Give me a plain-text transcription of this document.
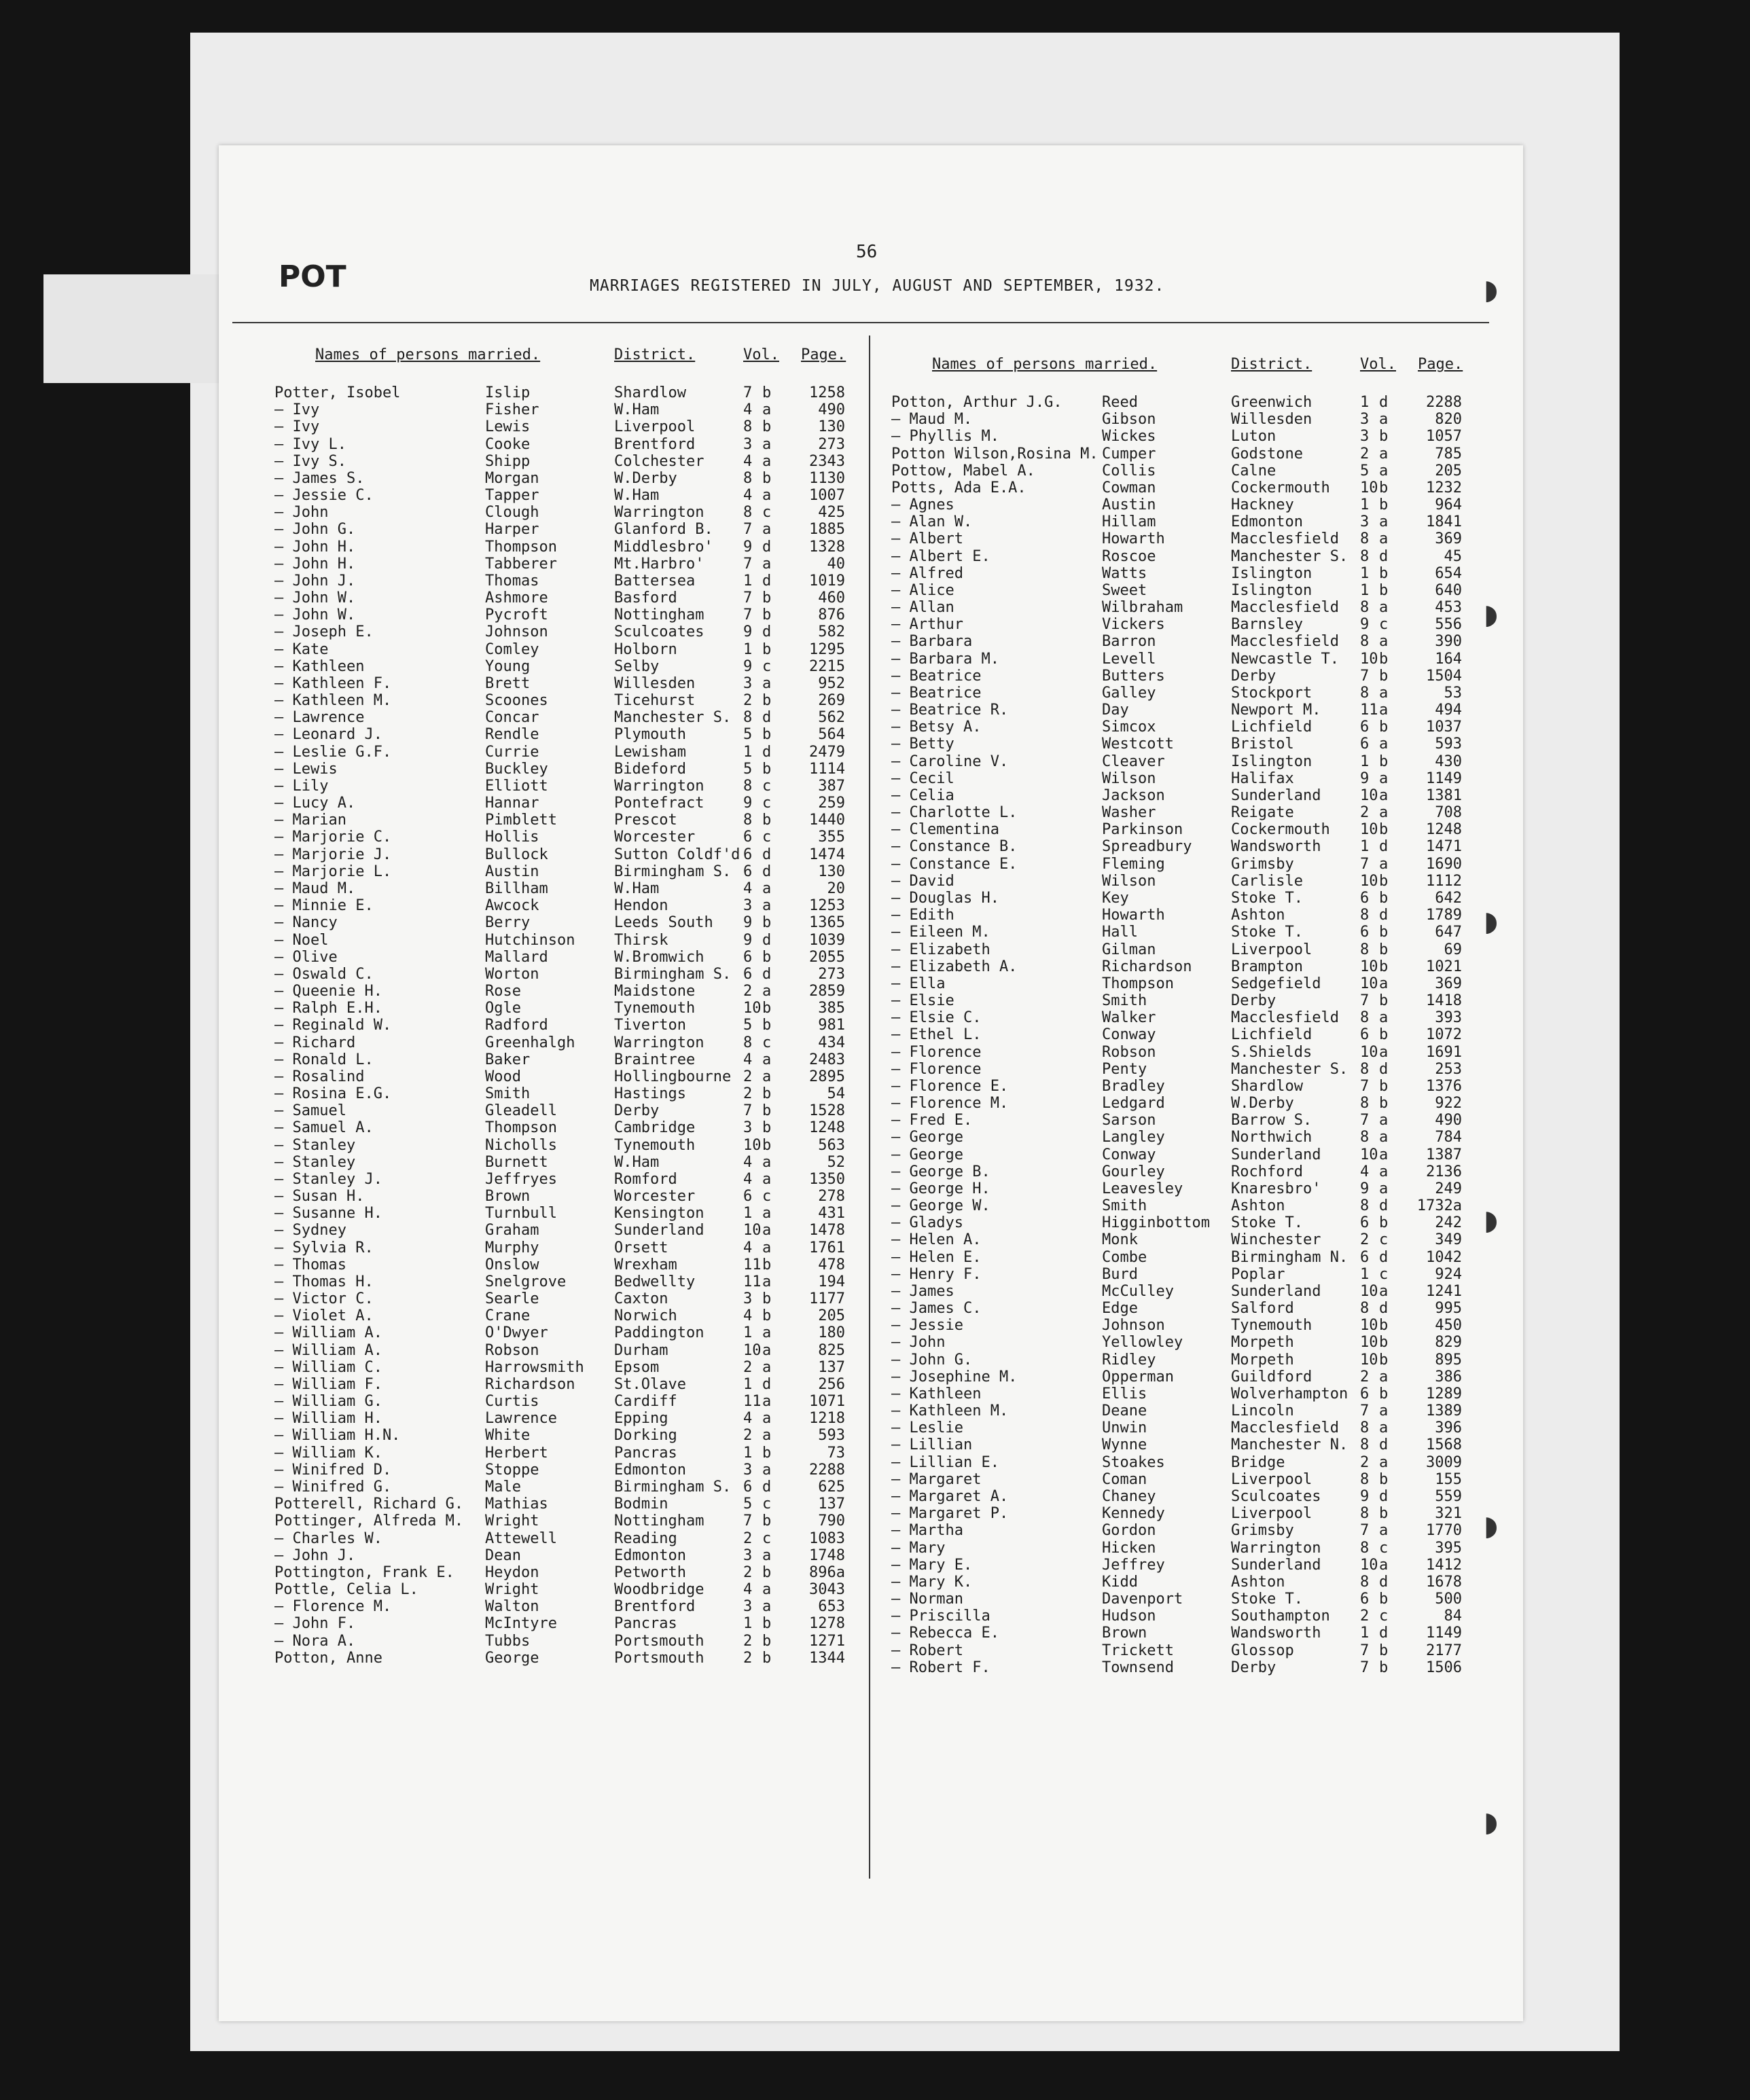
POT
56
MARRIAGES REGISTERED IN JULY, AUGUST AND SEPTEMBER, 1932.	◗
◗
◗
◗
◗
◗
Names of persons married.	District.	Vol. Page.
Potter, Isobel	Islip	Shardlow	7 b	1258
— Ivy	Fisher	W.Ham	4 a	490
— Ivy	Lewis	Liverpool	8 b	130
— Ivy L.	Cooke	Brentford	3 a	273
— Ivy S.	Shipp	Colchester	4 a	2343
— James S.	Morgan	W.Derby	8 b	1130
— Jessie C.	Tapper	W.Ham	4 a	1007
— John	Clough	Warrington	8 c	425
— John G.	Harper	Glanford B. 7 a	1885
— John H.	Thompson	Middlesbro' 9 d	1328
— John H.	Tabberer	Mt.Harbro'	7 a	40
— John J.	Thomas	Battersea	1 d	1019
— John W.	Ashmore	Basford	7 b	460
— John W.	Pycroft	Nottingham	7 b	876
— Joseph E.	Johnson	Sculcoates	9 d	582
— Kate	Comley	Holborn	1 b	1295
— Kathleen	Young	Selby	9 c	2215
— Kathleen F.	Brett	Willesden	3 a	952
— Kathleen M.	Scoones	Ticehurst	2 b	269
— Lawrence	Concar	Manchester S. 8 d	562
— Leonard J.	Rendle	Plymouth	5 b	564
— Leslie G.F.	Currie	Lewisham	1 d	2479
— Lewis	Buckley	Bideford	5 b	1114
— Lily	Elliott	Warrington	8 c	387
— Lucy A.	Hannar	Pontefract	9 c	259
— Marian	Pimblett	Prescot	8 b	1440
— Marjorie C.	Hollis	Worcester	6 c	355
— Marjorie J.	Bullock	Sutton Coldf'd 6 d	1474
— Marjorie L.	Austin	Birmingham S. 6 d	130
— Maud M.	Billham	W.Ham	4 a	20
— Minnie E.	Awcock	Hendon	3 a	1253
— Nancy	Berry	Leeds South 9 b	1365
— Noel	Hutchinson	Thirsk	9 d	1039
— Olive	Mallard	W.Bromwich	6 b	2055
— Oswald C.	Worton	Birmingham S. 6 d	273
— Queenie H.	Rose	Maidstone	2 a	2859
— Ralph E.H.	Ogle	Tynemouth	10 b	385
— Reginald W.	Radford	Tiverton	5 b	981
— Richard	Greenhalgh	Warrington	8 c	434
— Ronald L.	Baker	Braintree	4 a	2483
— Rosalind	Wood	Hollingbourne 2 a	2895
— Rosina E.G.	Smith	Hastings	2 b	54
— Samuel	Gleadell	Derby	7 b	1528
— Samuel A.	Thompson	Cambridge	3 b	1248
— Stanley	Nicholls	Tynemouth	10 b	563
— Stanley	Burnett	W.Ham	4 a	52
— Stanley J.	Jeffryes	Romford	4 a	1350
— Susan H.	Brown	Worcester	6 c	278
— Susanne H.	Turnbull	Kensington	1 a	431
— Sydney	Graham	Sunderland	10 a	1478
— Sylvia R.	Murphy	Orsett	4 a	1761
— Thomas	Onslow	Wrexham	11 b	478
— Thomas H.	Snelgrove	Bedwellty	11 a	194
— Victor C.	Searle	Caxton	3 b	1177
— Violet A.	Crane	Norwich	4 b	205
— William A.	O'Dwyer	Paddington	1 a	180
— William A.	Robson	Durham	10 a	825
— William C.	Harrowsmith Epsom	2 a	137
— William F.	Richardson	St.Olave	1 d	256
— William G.	Curtis	Cardiff	11 a	1071
— William H.	Lawrence	Epping	4 a	1218
— William H.N.	White	Dorking	2 a	593
— William K.	Herbert	Pancras	1 b	73
— Winifred D.	Stoppe	Edmonton	3 a	2288
— Winifred G.	Male	Birmingham S. 6 d	625
Potterell, Richard G. Mathias	Bodmin	5 c	137
Pottinger, Alfreda M. Wright	Nottingham	7 b	790
— Charles W.	Attewell	Reading	2 c	1083
— John J.	Dean	Edmonton	3 a	1748
Pottington, Frank E. Heydon	Petworth	2 b	896a
Pottle, Celia L.	Wright	Woodbridge	4 a	3043
— Florence M.	Walton	Brentford	3 a	653
— John F.	McIntyre	Pancras	1 b	1278
— Nora A.	Tubbs	Portsmouth	2 b	1271
Potton, Anne	George	Portsmouth	2 b	1344
Names of persons married.	District.	Vol. Page.
Potton, Arthur J.G.	Reed	Greenwich	1 d	2288
— Maud M.	Gibson	Willesden	3 a	820
— Phyllis M.	Wickes	Luton	3 b	1057
Potton Wilson,Rosina M. Cumper	Godstone	2 a	785
Pottow, Mabel A.	Collis	Calne	5 a	205
Potts, Ada E.A.	Cowman	Cockermouth 10 b	1232
— Agnes	Austin	Hackney	1 b	964
— Alan W.	Hillam	Edmonton	3 a	1841
— Albert	Howarth	Macclesfield 8 a	369
— Albert E.	Roscoe	Manchester S. 8 d	45
— Alfred	Watts	Islington	1 b	654
— Alice	Sweet	Islington	1 b	640
— Allan	Wilbraham	Macclesfield 8 a	453
— Arthur	Vickers	Barnsley	9 c	556
— Barbara	Barron	Macclesfield 8 a	390
— Barbara M.	Levell	Newcastle T. 10 b	164
— Beatrice	Butters	Derby	7 b	1504
— Beatrice	Galley	Stockport	8 a	53
— Beatrice R.	Day	Newport M.	11 a	494
— Betsy A.	Simcox	Lichfield	6 b	1037
— Betty	Westcott	Bristol	6 a	593
— Caroline V.	Cleaver	Islington	1 b	430
— Cecil	Wilson	Halifax	9 a	1149
— Celia	Jackson	Sunderland	10 a	1381
— Charlotte L.	Washer	Reigate	2 a	708
— Clementina	Parkinson	Cockermouth 10 b	1248
— Constance B.	Spreadbury	Wandsworth	1 d	1471
— Constance E.	Fleming	Grimsby	7 a	1690
— David	Wilson	Carlisle	10 b	1112
— Douglas H.	Key	Stoke T.	6 b	642
— Edith	Howarth	Ashton	8 d	1789
— Eileen M.	Hall	Stoke T.	6 b	647
— Elizabeth	Gilman	Liverpool	8 b	69
— Elizabeth A.	Richardson	Brampton	10 b	1021
— Ella	Thompson	Sedgefield	10 a	369
— Elsie	Smith	Derby	7 b	1418
— Elsie C.	Walker	Macclesfield 8 a	393
— Ethel L.	Conway	Lichfield	6 b	1072
— Florence	Robson	S.Shields	10 a	1691
— Florence	Penty	Manchester S. 8 d	253
— Florence E.	Bradley	Shardlow	7 b	1376
— Florence M.	Ledgard	W.Derby	8 b	922
— Fred E.	Sarson	Barrow S.	7 a	490
— George	Langley	Northwich	8 a	784
— George	Conway	Sunderland	10 a	1387
— George B.	Gourley	Rochford	4 a	2136
— George H.	Leavesley	Knaresbro'	9 a	249
— George W.	Smith	Ashton	8 d	1732a
— Gladys	Higginbottom Stoke T.	6 b	242
— Helen A.	Monk	Winchester	2 c	349
— Helen E.	Combe	Birmingham N. 6 d	1042
— Henry F.	Burd	Poplar	1 c	924
— James	McCulley	Sunderland	10 a	1241
— James C.	Edge	Salford	8 d	995
— Jessie	Johnson	Tynemouth	10 b	450
— John	Yellowley	Morpeth	10 b	829
— John G.	Ridley	Morpeth	10 b	895
— Josephine M.	Opperman	Guildford	2 a	386
— Kathleen	Ellis	Wolverhampton 6 b	1289
— Kathleen M.	Deane	Lincoln	7 a	1389
— Leslie	Unwin	Macclesfield 8 a	396
— Lillian	Wynne	Manchester N. 8 d	1568
— Lillian E.	Stoakes	Bridge	2 a	3009
— Margaret	Coman	Liverpool	8 b	155
— Margaret A.	Chaney	Sculcoates	9 d	559
— Margaret P.	Kennedy	Liverpool	8 b	321
— Martha	Gordon	Grimsby	7 a	1770
— Mary	Hicken	Warrington	8 c	395
— Mary E.	Jeffrey	Sunderland	10 a	1412
— Mary K.	Kidd	Ashton	8 d	1678
— Norman	Davenport	Stoke T.	6 b	500
— Priscilla	Hudson	Southampton 2 c	84
— Rebecca E.	Brown	Wandsworth	1 d	1149
— Robert	Trickett	Glossop	7 b	2177
— Robert F.	Townsend	Derby	7 b	1506
